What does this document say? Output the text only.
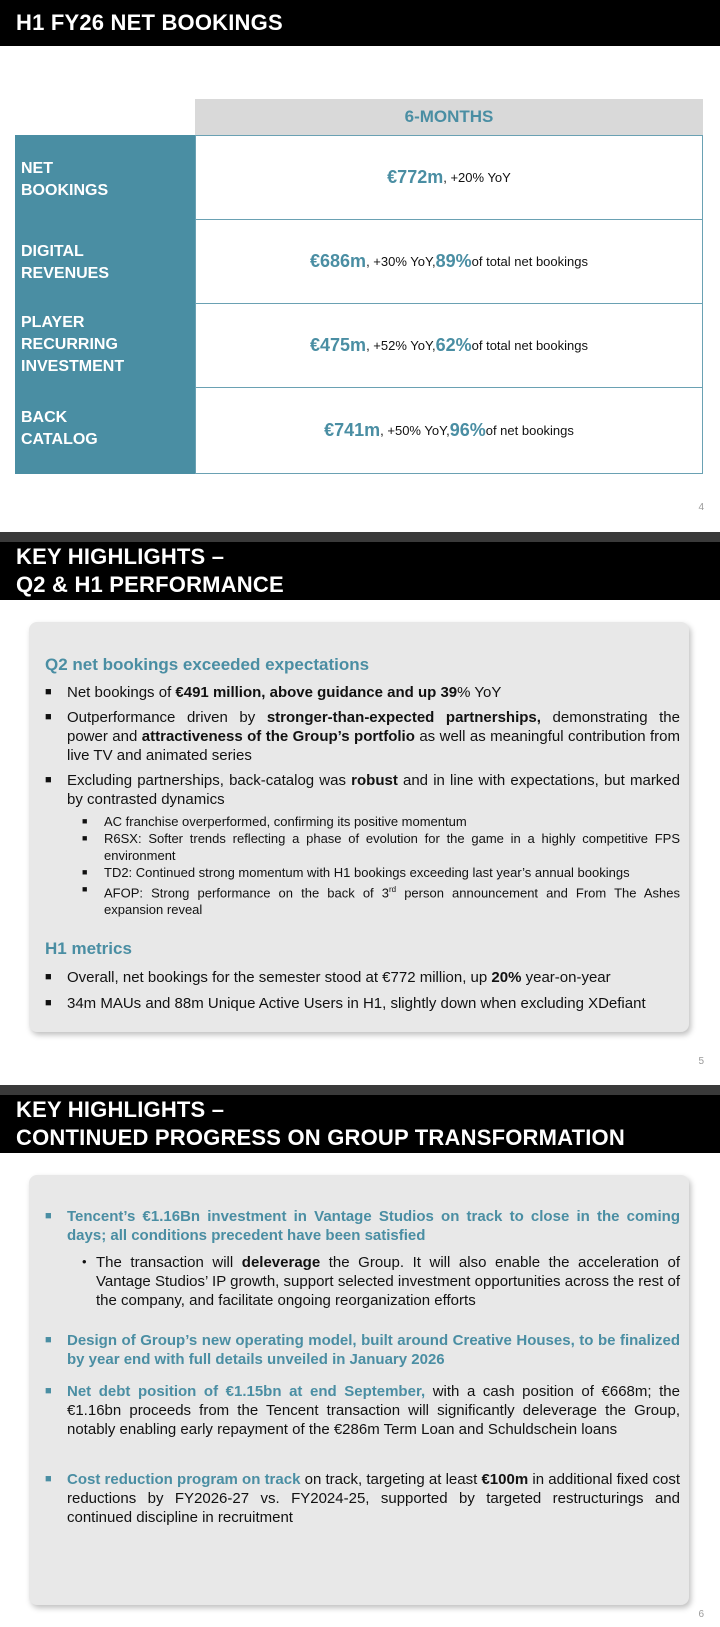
H1 FY26 NET BOOKINGS
6-MONTHS
NET
BOOKINGS
€772m , +20% YoY
DIGITAL
REVENUES
€686m , +30% YoY, 89% of total net bookings
PLAYER
RECURRING
INVESTMENT
€475m , +52% YoY, 62% of total net bookings
BACK
CATALOG	€741m , +50% YoY, 96% of net bookings
4
KEY HIGHLIGHTS –
Q2 & H1 PERFORMANCE
Q2 net bookings exceeded expectations
■	Net bookings of €491 million, above guidance and up 39% YoY
■	Outperformance driven by stronger-than-expected partnerships, demonstrating the power and attractiveness of the Group’s portfolio as well as meaningful contribution from live TV and animated series
■	Excluding partnerships, back-catalog was robust and in line with expectations, but marked by contrasted dynamics
■	AC franchise overperformed, confirming its positive momentum
■	R6SX: Softer trends reflecting a phase of evolution for the game in a highly competitive FPS environment
■	TD2: Continued strong momentum with H1 bookings exceeding last year’s annual bookings
■	AFOP: Strong performance on the back of 3rd person announcement and From The Ashes expansion reveal
H1 metrics
■	Overall, net bookings for the semester stood at €772 million, up 20% year-on-year
■	34m MAUs and 88m Unique Active Users in H1, slightly down when excluding XDefiant
5
KEY HIGHLIGHTS –
CONTINUED PROGRESS ON GROUP TRANSFORMATION
■	Tencent’s €1.16Bn investment in Vantage Studios on track to close in the coming days; all conditions precedent have been satisfied
• The transaction will deleverage the Group. It will also enable the acceleration of Vantage Studios’ IP growth, support selected investment opportunities across the rest of the company, and facilitate ongoing reorganization efforts
■	Design of Group’s new operating model, built around Creative Houses, to be finalized by year end with full details unveiled in January 2026
■	Net debt position of €1.15bn at end September, with a cash position of €668m; the €1.16bn proceeds from the Tencent transaction will significantly deleverage the Group, notably enabling early repayment of the €286m Term Loan and Schuldschein loans
■	Cost reduction program on track on track, targeting at least €100m in additional fixed cost reductions by FY2026-27 vs. FY2024-25, supported by targeted restructurings and continued discipline in recruitment
6
